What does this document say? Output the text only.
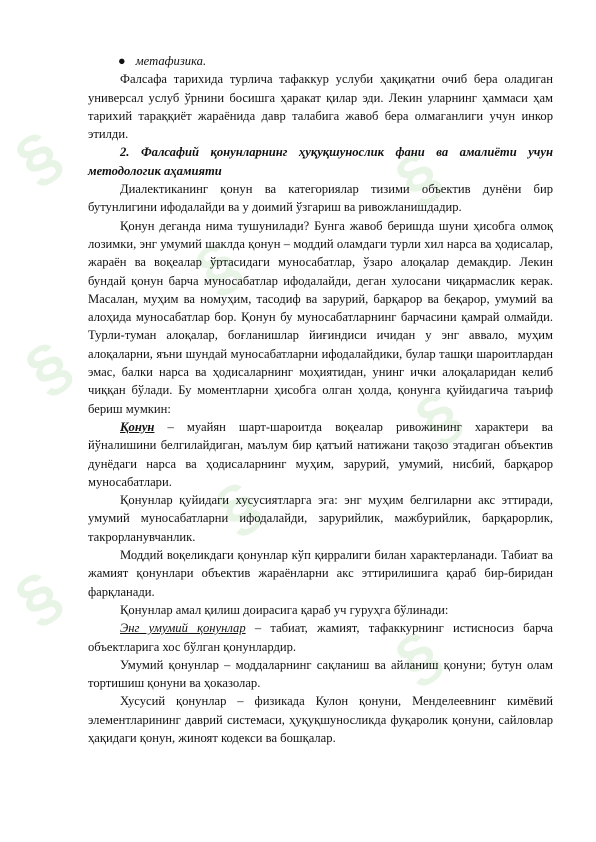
§
§
§
§
§
§
§
§

● метафизика.

Фалсафа тарихида турлича тафаккур услуби ҳақиқатни очиб бера оладиган универсал услуб ўрнини босишга ҳаракат қилар эди. Лекин уларнинг ҳаммаси ҳам тарихий тараққиёт жараёнида давр талабига жавоб бера олмаганлиги учун инкор этилди.

2. Фалсафий қонунларнинг ҳуқуқшунослик фани ва амалиёти учун методологик аҳамияти

Диалектиканинг қонун ва категориялар тизими объектив дунёни бир бутунлигини ифодалайди ва у доимий ўзгариш ва ривожланишдадир.

Қонун деганда нима тушунилади? Бунга жавоб беришда шуни ҳисобга олмоқ лозимки, энг умумий шаклда қонун – моддий оламдаги турли хил нарса ва ҳодисалар, жараён ва воқеалар ўртасидаги муносабатлар, ўзаро алоқалар демакдир. Лекин бундай қонун барча муносабатлар ифодалайди, деган хулосани чиқармаслик керак. Масалан, муҳим ва номуҳим, тасодиф ва зарурий, барқарор ва беқарор, умумий ва алоҳида муносабатлар бор. Қонун бу муносабатларнинг барчасини қамрай олмайди. Турли-туман алоқалар, боғланишлар йиғиндиси ичидан у энг аввало, муҳим алоқаларни, яъни шундай муносабатларни ифодалайдики, булар ташқи шароитлардан эмас, балки нарса ва ҳодисаларнинг моҳиятидан, унинг ички алоқаларидан келиб чиққан бўлади. Бу моментларни ҳисобга олган ҳолда, қонунга қуйидагича таъриф бериш мумкин:

Қонун – муайян шарт-шароитда воқеалар ривожининг характери ва йўналишини белгилайдиган, маълум бир қатъий натижани тақозо этадиган объектив дунёдаги нарса ва ҳодисаларнинг муҳим, зарурий, умумий, нисбий, барқарор муносабатлари.

Қонунлар қуйидаги хусусиятларга эга: энг муҳим белгиларни акс эттиради, умумий муносабатларни ифодалайди, зарурийлик, мажбурийлик, барқарорлик, такрорланувчанлик.

Моддий воқеликдаги қонунлар кўп қирралиги билан характерланади. Табиат ва жамият қонунлари объектив жараёнларни акс эттирилишига қараб бир-биридан фарқланади.

Қонунлар амал қилиш доирасига қараб уч гуруҳга бўлинади:

Энг умумий қонунлар – табиат, жамият, тафаккурнинг истисносиз барча объектларига хос бўлган қонунлардир.

Умумий қонунлар – моддаларнинг сақланиш ва айланиш қонуни; бутун олам тортишиш қонуни ва ҳоказолар.

Хусусий қонунлар – физикада Кулон қонуни, Менделеевнинг кимёвий элементларининг даврий системаси, ҳуқуқшуносликда фуқаролик қонуни, сайловлар ҳақидаги қонун, жиноят кодекси ва бошқалар.
